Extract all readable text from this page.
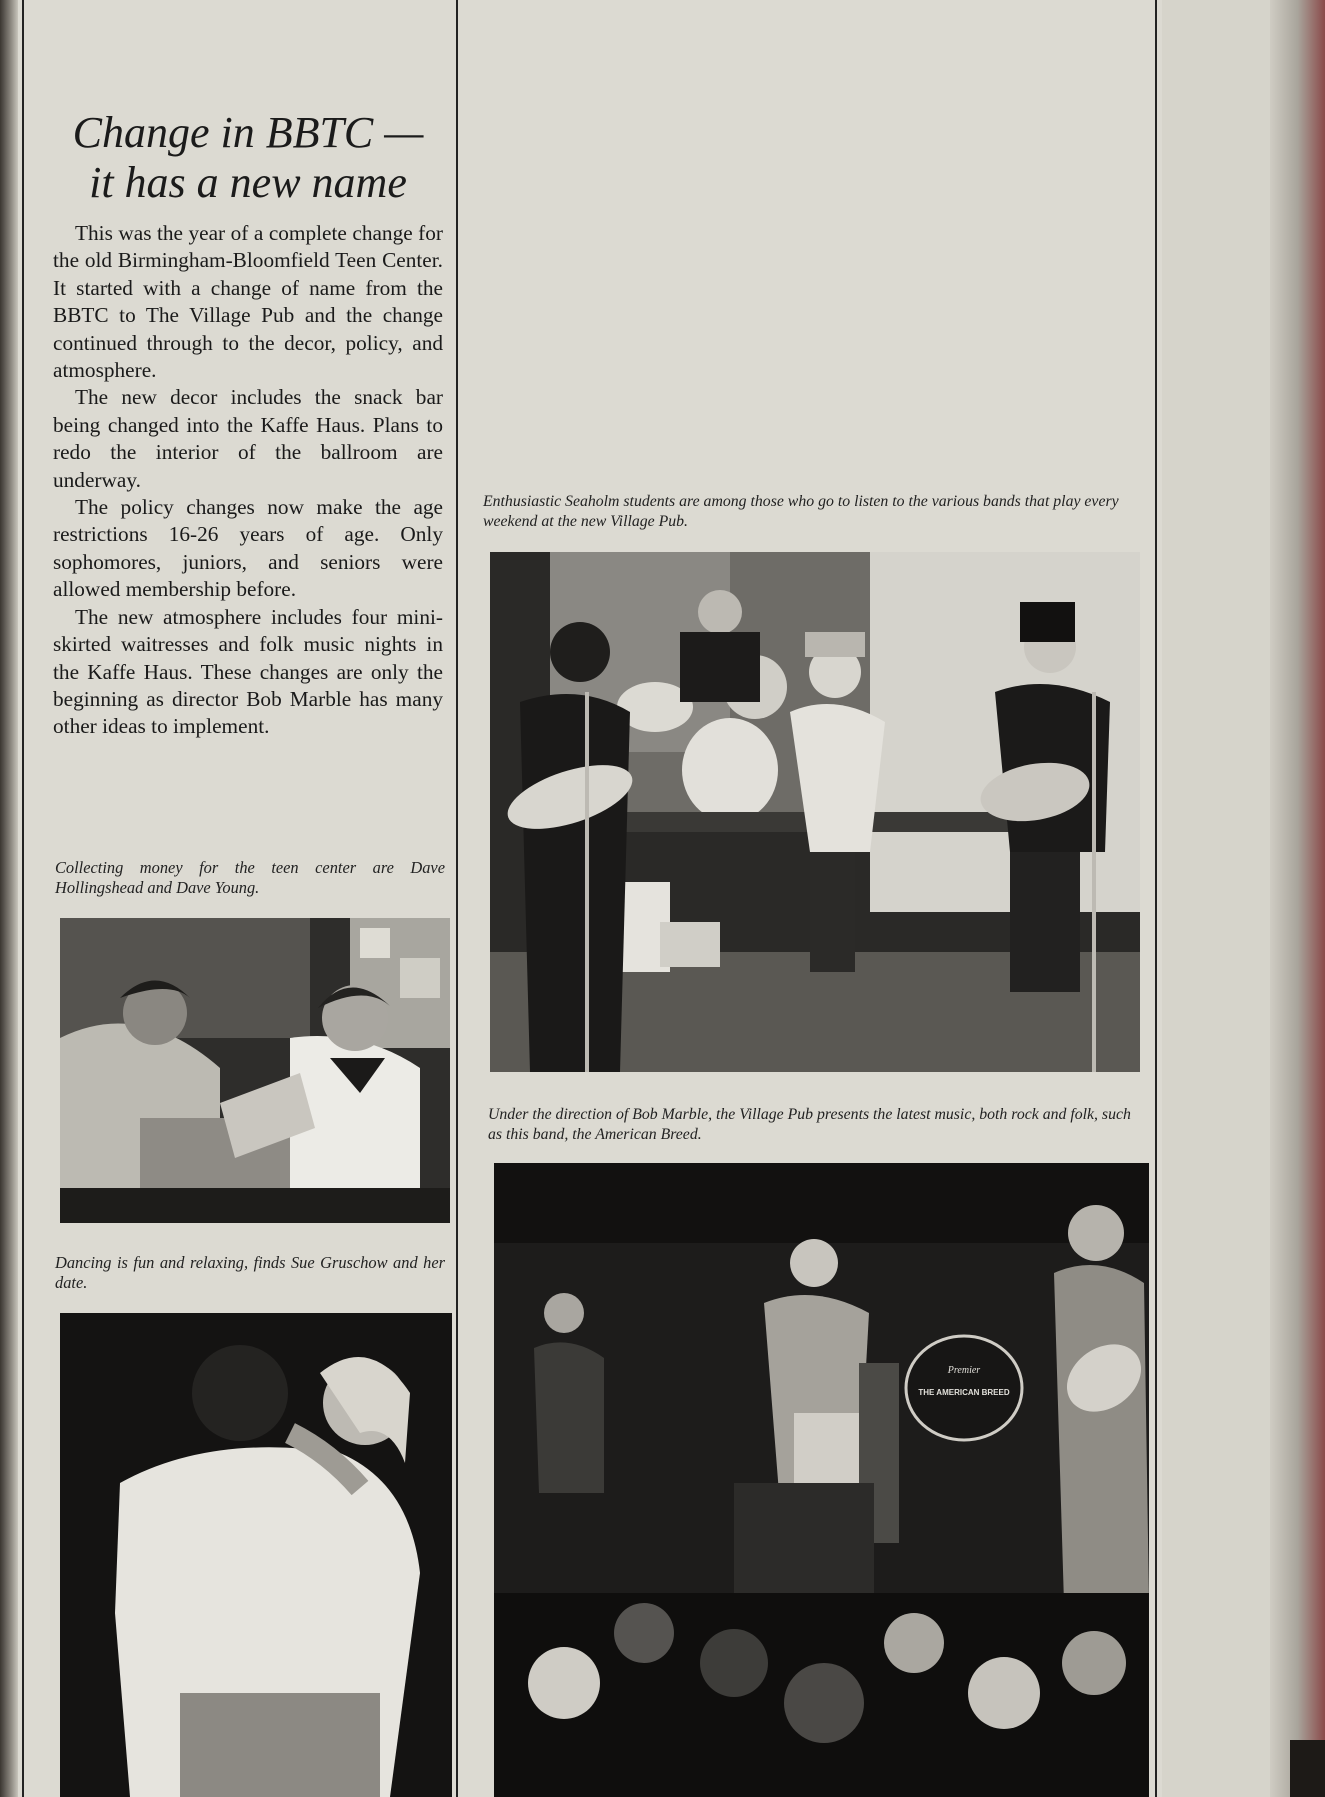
Change in BBTC —
it has a new name

This was the year of a complete change for the old Birmingham-Bloomfield Teen Center. It started with a change of name from the BBTC to The Village Pub and the change continued through to the decor, policy, and atmosphere.

The new decor includes the snack bar being changed into the Kaffe Haus. Plans to redo the interior of the ballroom are underway.

The policy changes now make the age restrictions 16-26 years of age. Only sophomores, juniors, and seniors were allowed membership before.

The new atmosphere includes four mini-skirted waitresses and folk music nights in the Kaffe Haus. These changes are only the beginning as director Bob Marble has many other ideas to implement.

Collecting money for the teen center are Dave Hollingshead and Dave Young.
Dancing is fun and relaxing, finds Sue Gruschow and her date.
Enthusiastic Seaholm students are among those who go to listen to the various bands that play every weekend at the new Village Pub.
Under the direction of Bob Marble, the Village Pub presents the latest music, both rock and folk, such as this band, the American Breed.
Premier
THE AMERICAN BREED
